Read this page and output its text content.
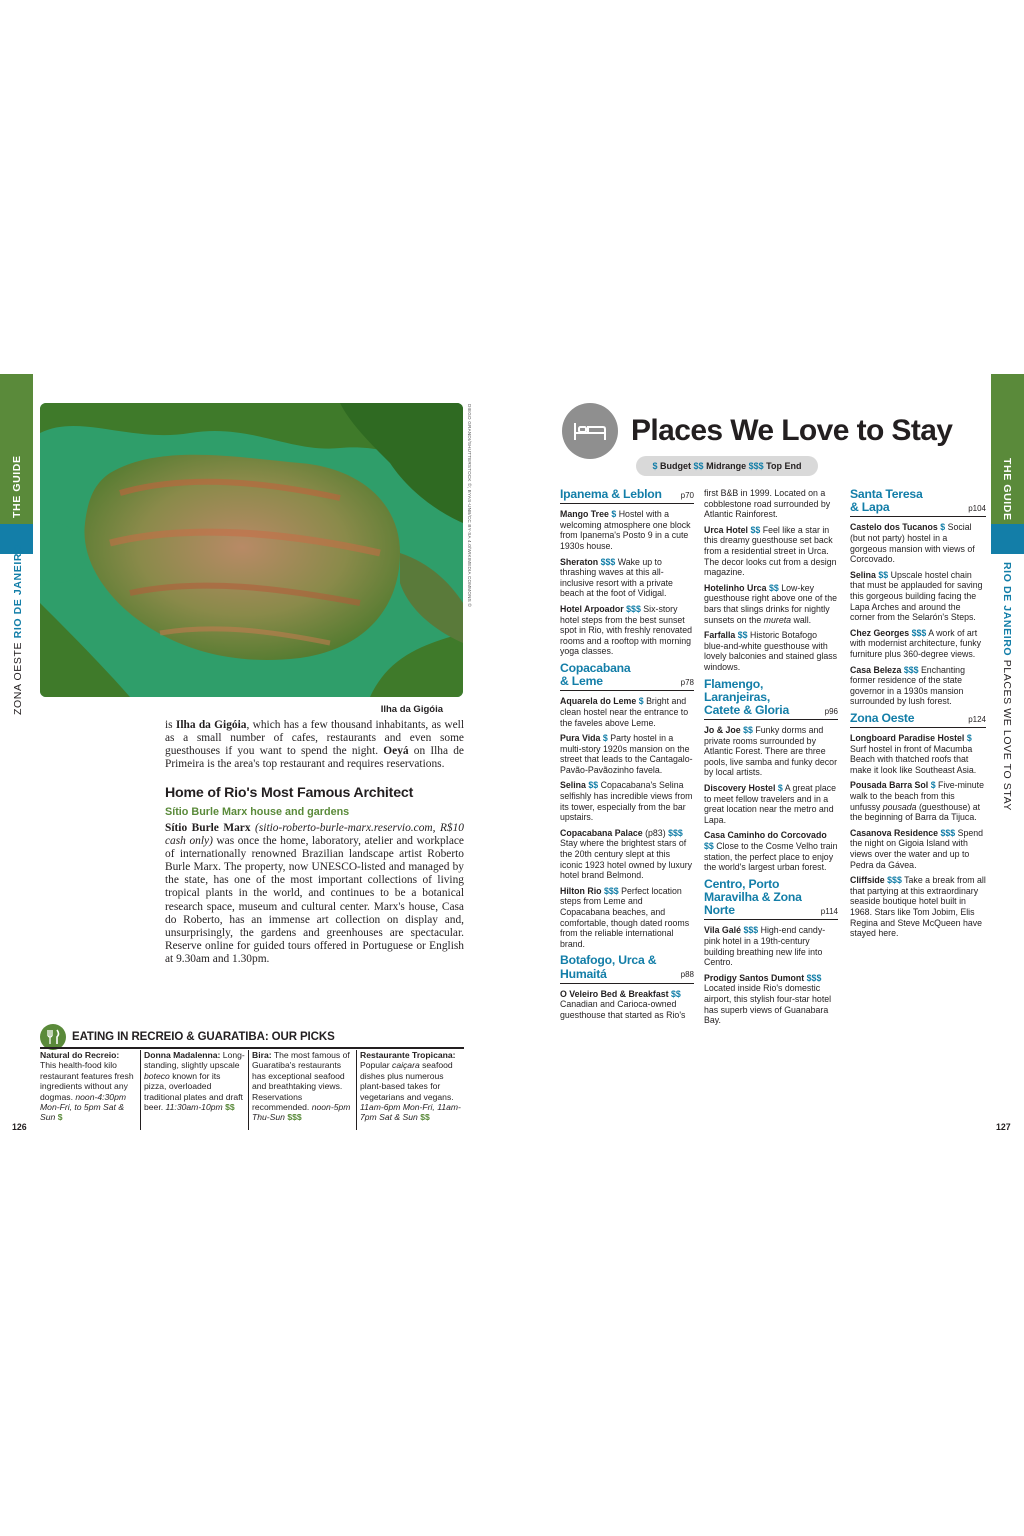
THE GUIDE
ZONA OESTE RIO DE JANEIRO	DIEGO GRANDI/SHUTTERSTOCK ©; BYAS-UNB/CC BY-SA 4.0/WIKIMEDIA COMMONS ©
Ilha da Gigóia

is Ilha da Gigóia, which has a few thousand inhabitants, as well as a small number of cafes, restaurants and even some guesthouses if you want to spend the night. Oeyá on Ilha de Primeira is the area's top restaurant and requires reservations.

Home of Rio's Most Famous Architect
Sítio Burle Marx house and gardens

Sítio Burle Marx (sitio-roberto-burle-marx.reservio.com, R$10 cash only) was once the home, laboratory, atelier and workplace of internationally renowned Brazilian landscape artist Roberto Burle Marx. The property, now UNESCO-listed and managed by the state, has one of the most important collections of living tropical plants in the world, and continues to be a botanical research space, museum and cultural center. Marx's house, Casa do Roberto, has an immense art collection on display and, unsurprisingly, the gardens and greenhouses are spectacular. Reserve online for guided tours offered in Portuguese or English at 9.30am and 1.30pm.

EATING IN RECREIO & GUARATIBA: OUR PICKS
Natural do Recreio: This health-food kilo restaurant features fresh ingredients without any dogmas. noon-4:30pm Mon-Fri, to 5pm Sat & Sun $
Donna Madalenna: Long-standing, slightly upscale boteco known for its pizza, overloaded traditional plates and draft beer. 11:30am-10pm $$
Bira: The most famous of Guaratiba's restaurants has exceptional seafood and breathtaking views. Reservations recommended. noon-5pm Thu-Sun $$$
Restaurante Tropicana: Popular caiçara seafood dishes plus numerous plant-based takes for vegetarians and vegans. 11am-6pm Mon-Fri, 11am-7pm Sat & Sun $$
126
THE GUIDE
RIO DE JANEIRO PLACES WE LOVE TO STAY
Places We Love to Stay
$ Budget $$ Midrange $$$ Top End
Ipanema & Leblon p70
Mango Tree $ Hostel with a welcoming atmosphere one block from Ipanema's Posto 9 in a cute 1930s house.
Sheraton $$$ Wake up to thrashing waves at this all-inclusive resort with a private beach at the foot of Vidigal.
Hotel Arpoador $$$ Six-story hotel steps from the best sunset spot in Rio, with freshly renovated rooms and a rooftop with morning yoga classes.
Copacabana & Leme	p78
Aquarela do Leme $ Bright and clean hostel near the entrance to the faveles above Leme.
Pura Vida $ Party hostel in a multi-story 1920s mansion on the street that leads to the Cantagalo-Pavão-Pavãozinho favela.
Selina $$ Copacabana's Selina selfishly has incredible views from its tower, especially from the bar upstairs.
Copacabana Palace (p83) $$$ Stay where the brightest stars of the 20th century slept at this iconic 1923 hotel owned by luxury hotel brand Belmond.
Hilton Rio $$$ Perfect location steps from Leme and Copacabana beaches, and comfortable, though dated rooms from the reliable international brand.
Botafogo, Urca & Humaitá	p88
O Veleiro Bed & Breakfast $$ Canadian and Carioca-owned guesthouse that started as Rio's
first B&B in 1999. Located on a cobblestone road surrounded by Atlantic Rainforest.
Urca Hotel $$ Feel like a star in this dreamy guesthouse set back from a residential street in Urca. The decor looks cut from a design magazine.
Hotelinho Urca $$ Low-key guesthouse right above one of the bars that slings drinks for nightly sunsets on the mureta wall.
Farfalla $$ Historic Botafogo blue-and-white guesthouse with lovely balconies and stained glass windows.
Flamengo, Laranjeiras, Catete & Gloria	p96
Jo & Joe $$ Funky dorms and private rooms surrounded by Atlantic Forest. There are three pools, live samba and funky decor by local artists.
Discovery Hostel $ A great place to meet fellow travelers and in a great location near the metro and Lapa.
Casa Caminho do Corcovado $$ Close to the Cosme Velho train station, the perfect place to enjoy the world's largest urban forest.
Centro, Porto Maravilha & Zona Norte	p114
Vila Galé $$$ High-end candy-pink hotel in a 19th-century building breathing new life into Centro.
Prodigy Santos Dumont $$$ Located inside Rio's domestic airport, this stylish four-star hotel has superb views of Guanabara Bay.
Santa Teresa & Lapa	p104
Castelo dos Tucanos $ Social (but not party) hostel in a gorgeous mansion with views of Corcovado.
Selina $$ Upscale hostel chain that must be applauded for saving this gorgeous building facing the Lapa Arches and around the corner from the Selarón's Steps.
Chez Georges $$$ A work of art with modernist architecture, funky furniture plus 360-degree views.
Casa Beleza $$$ Enchanting former residence of the state governor in a 1930s mansion surrounded by lush forest.
Zona Oeste	p124
Longboard Paradise Hostel $ Surf hostel in front of Macumba Beach with thatched roofs that make it look like Southeast Asia.
Pousada Barra Sol $ Five-minute walk to the beach from this unfussy pousada (guesthouse) at the beginning of Barra da Tijuca.
Casanova Residence $$$ Spend the night on Gigoia Island with views over the water and up to Pedra da Gávea.
Cliffside $$$ Take a break from all that partying at this extraordinary seaside boutique hotel built in 1968. Stars like Tom Jobim, Elis Regina and Steve McQueen have stayed here.
127
